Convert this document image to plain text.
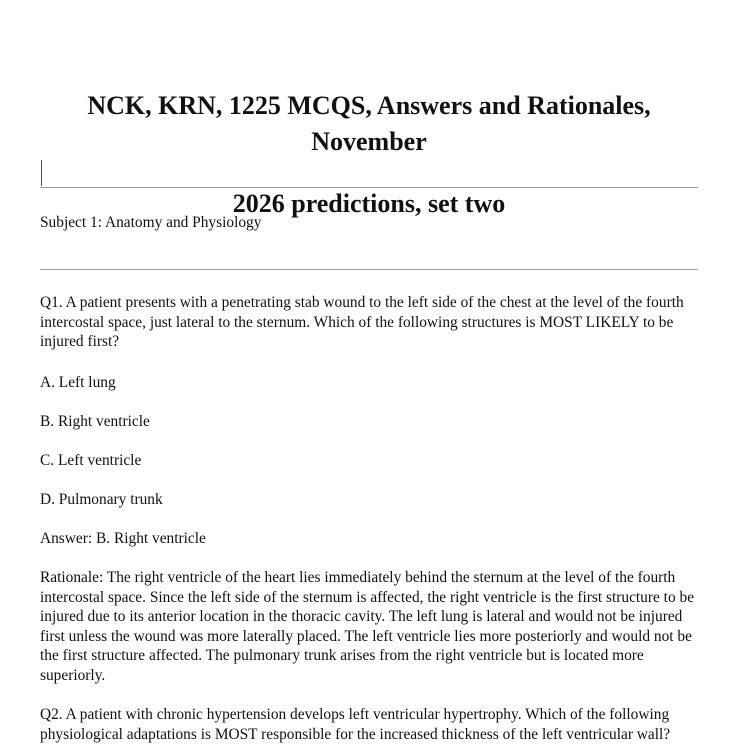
NCK, KRN, 1225 MCQS, Answers and Rationales,
November
2026 predictions, set two

Subject 1: Anatomy and Physiology

Q1. A patient presents with a penetrating stab wound to the left side of the chest at the level of the fourth intercostal space, just lateral to the sternum. Which of the following structures is MOST LIKELY to be injured first?

A. Left lung

B. Right ventricle

C. Left ventricle

D. Pulmonary trunk

Answer: B. Right ventricle

Rationale: The right ventricle of the heart lies immediately behind the sternum at the level of the fourth intercostal space. Since the left side of the sternum is affected, the right ventricle is the first structure to be injured due to its anterior location in the thoracic cavity. The left lung is lateral and would not be injured first unless the wound was more laterally placed. The left ventricle lies more posteriorly and would not be the first structure affected. The pulmonary trunk arises from the right ventricle but is located more superiorly.

Q2. A patient with chronic hypertension develops left ventricular hypertrophy. Which of the following physiological adaptations is MOST responsible for the increased thickness of the left ventricular wall?
